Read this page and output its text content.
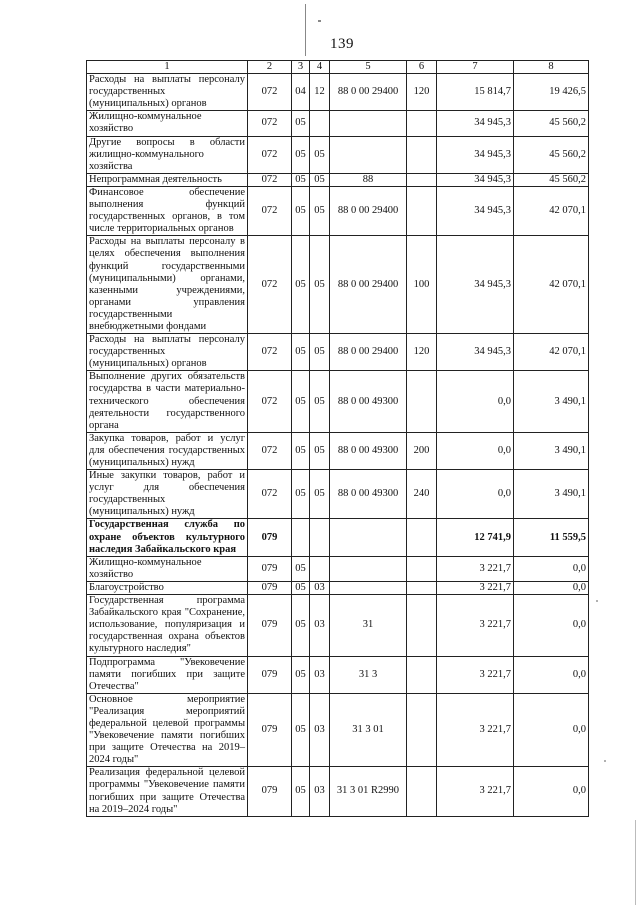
139
1	2	3	4	5	6	7	8
Расходы на выплаты персоналу государственных (муниципальных) органов	072	04	12	88 0 00 29400	120	15 814,7	19 426,5
Жилищно-коммунальное хозяйство	072	05				34 945,3	45 560,2
Другие вопросы в области жилищно-коммунального хозяйства	072	05	05			34 945,3	45 560,2
Непрограммная деятельность	072	05	05	88		34 945,3	45 560,2
Финансовое обеспечение выполнения функций государственных органов, в том числе территориальных органов	072	05	05	88 0 00 29400		34 945,3	42 070,1
Расходы на выплаты персоналу в целях обеспечения выполнения функций государственными (муниципальными) органами, казенными учреждениями, органами управления государственными внебюджетными фондами	072	05	05	88 0 00 29400	100	34 945,3	42 070,1
Расходы на выплаты персоналу государственных (муниципальных) органов	072	05	05	88 0 00 29400	120	34 945,3	42 070,1
Выполнение других обязательств государства в части материально-технического обеспечения деятельности государственного органа	072	05	05	88 0 00 49300		0,0	3 490,1
Закупка товаров, работ и услуг для обеспечения государственных (муниципальных) нужд	072	05	05	88 0 00 49300	200	0,0	3 490,1
Иные закупки товаров, работ и услуг для обеспечения государственных (муниципальных) нужд	072	05	05	88 0 00 49300	240	0,0	3 490,1
Государственная служба по охране объектов культурного наследия Забайкальского края	079					12 741,9	11 559,5
Жилищно-коммунальное хозяйство	079	05				3 221,7	0,0
Благоустройство	079	05	03			3 221,7	0,0
Государственная программа Забайкальского края "Сохранение, использование, популяризация и государственная охрана объектов культурного наследия"	079	05	03	31		3 221,7	0,0
Подпрограмма "Увековечение памяти погибших при защите Отечества"	079	05	03	31 3		3 221,7	0,0
Основное мероприятие "Реализация мероприятий федеральной целевой программы "Увековечение памяти погибших при защите Отечества на 2019–2024 годы"	079	05	03	31 3 01		3 221,7	0,0
Реализация федеральной целевой программы "Увековечение памяти погибших при защите Отечества на 2019–2024 годы"	079	05	03	31 3 01 R2990		3 221,7	0,0
